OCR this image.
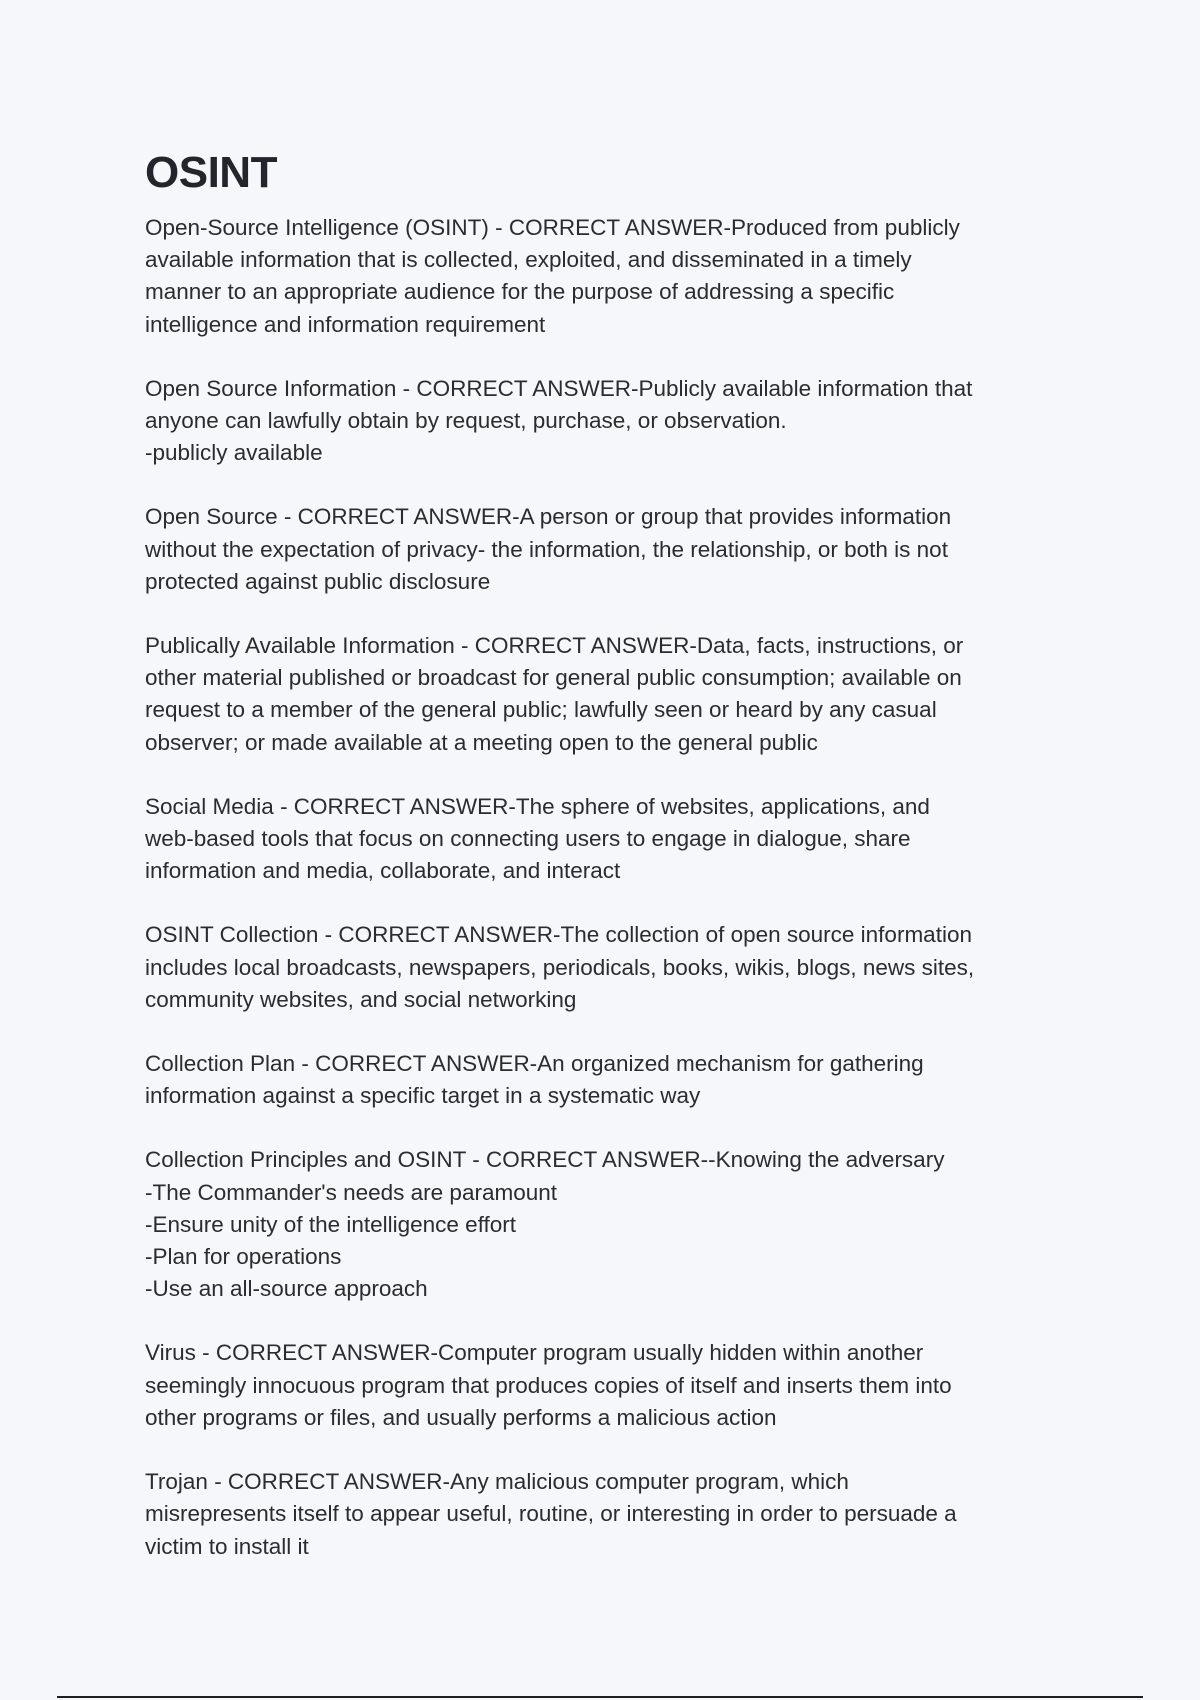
OSINT
Open-Source Intelligence (OSINT) - CORRECT ANSWER-Produced from publicly
available information that is collected, exploited, and disseminated in a timely
manner to an appropriate audience for the purpose of addressing a specific
intelligence and information requirement
Open Source Information - CORRECT ANSWER-Publicly available information that
anyone can lawfully obtain by request, purchase, or observation.
-publicly available
Open Source - CORRECT ANSWER-A person or group that provides information
without the expectation of privacy- the information, the relationship, or both is not
protected against public disclosure
Publically Available Information - CORRECT ANSWER-Data, facts, instructions, or
other material published or broadcast for general public consumption; available on
request to a member of the general public; lawfully seen or heard by any casual
observer; or made available at a meeting open to the general public
Social Media - CORRECT ANSWER-The sphere of websites, applications, and
web-based tools that focus on connecting users to engage in dialogue, share
information and media, collaborate, and interact
OSINT Collection - CORRECT ANSWER-The collection of open source information
includes local broadcasts, newspapers, periodicals, books, wikis, blogs, news sites,
community websites, and social networking
Collection Plan - CORRECT ANSWER-An organized mechanism for gathering
information against a specific target in a systematic way
Collection Principles and OSINT - CORRECT ANSWER--Knowing the adversary
-The Commander's needs are paramount
-Ensure unity of the intelligence effort
-Plan for operations
-Use an all-source approach
Virus - CORRECT ANSWER-Computer program usually hidden within another
seemingly innocuous program that produces copies of itself and inserts them into
other programs or files, and usually performs a malicious action
Trojan - CORRECT ANSWER-Any malicious computer program, which
misrepresents itself to appear useful, routine, or interesting in order to persuade a
victim to install it
